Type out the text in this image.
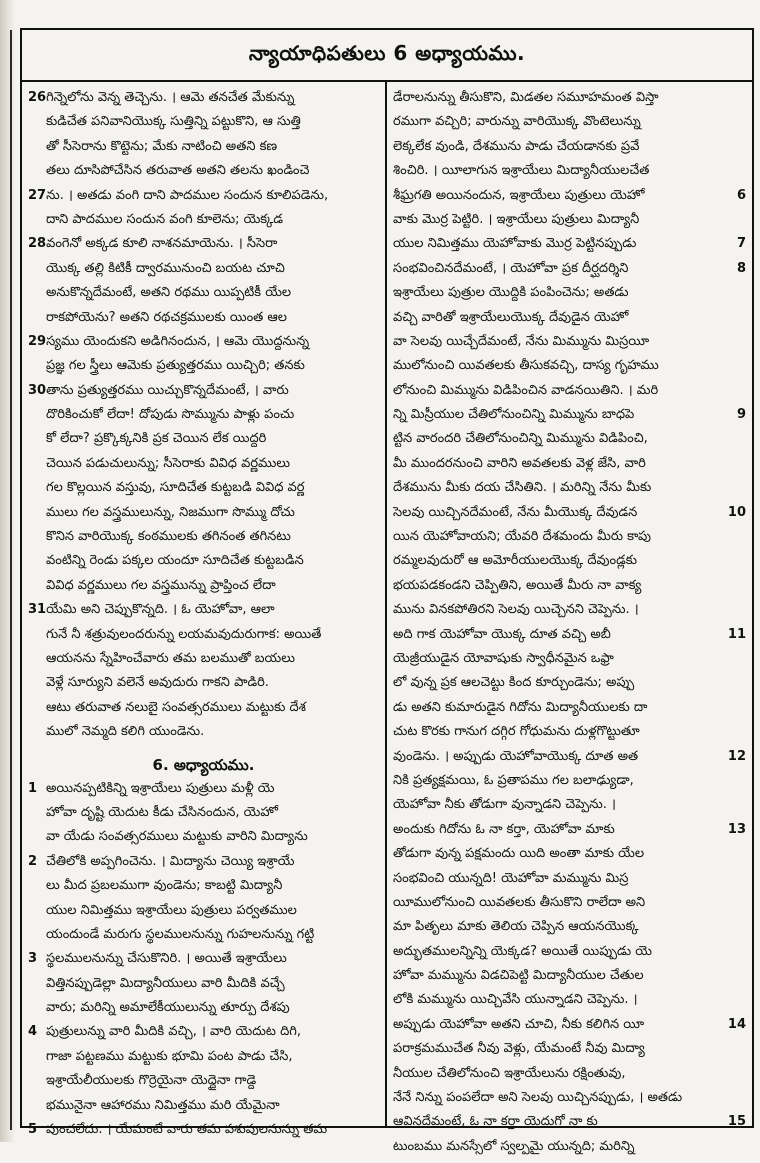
న్యాయాధిపతులు 6 అధ్యాయము.
26 గిన్నెలోను వెన్న తెచ్చెను. । ఆమె తనచేత మేకున్ను
కుడిచేత పనివానియొక్క సుత్తిన్ని పట్టుకొని, ఆ సుత్తి
తో సీసెరాను కొట్టెను; మేకు నాటించి అతని కణ
తలు దూసిపోచేసిన తరువాత అతని తలను ఖండించె
27 ను. । అతడు వంగి దాని పాదముల సందున కూలిపడెను,
దాని పాదముల సందున వంగి కూలెను; యెక్కడ
28 వంగెనో అక్కడ కూలి నాశనమాయెను. । సీసెరా
యొక్క తల్లి కిటికీ ద్వారమునుంచి బయట చూచి
అనుకొన్నదేమంటే, అతని రథము యిప్పటికీ యేల
రాకపోయెను? అతని రథచక్రములకు యింత ఆల
29 స్యము యెందుకని అడిగినందున, । ఆమె యొద్దనున్న
ప్రజ్ఞ గల స్త్రీలు ఆమెకు ప్రత్యుత్తరము యిచ్చిరి; తనకు
30 తాను ప్రత్యుత్తరము యిచ్చుకొన్నదేమంటే, । వారు
దొరికించుకో లేదా! దోపుడు సొమ్మును పాళ్లు పంచు
కో లేదా? ప్రక్కొక్కనికి ప్రక చెయిన లేక యిద్దరి
చెయిన పడుచులున్ను; సీసెరాకు వివిధ వర్ణములు
గల కొల్లయిన వస్తువు, సూదిచేత కుట్టబడి వివిధ వర్ణ
ములు గల వస్త్రములున్ను, నిజముగా సొమ్ము దోచు
కొనిన వారియొక్క కంఠములకు తగినంత తగినటు
వంటిన్ని రెండు పక్కల యందూ సూదిచేత కుట్టబడిన
వివిధ వర్ణములు గల వస్త్రమున్ను ప్రాప్తించ లేదా
31 యేమి అని చెప్పుకొన్నది. । ఓ యెహోవా, ఆలా
గునే నీ శత్రువులందరున్ను లయమవుదురుగాక: అయితే
ఆయనను స్నేహించేవారు తమ బలముతో బయలు
వెళ్లే సూర్యుని వలెనే అవుదురు గాకని పాడిరి.
ఆటు తరువాత నలుబై సంవత్సరములు మట్టుకు దేశ
ములో నెమ్మది కలిగి యుండెను.
6. అధ్యాయము.
1 అయినప్పటికిన్ని ఇశ్రాయేలు పుత్రులు మళ్లీ యె
హోవా దృష్టి యెదుట కీడు చేసినందున, యెహో
వా యేడు సంవత్సరములు మట్టుకు వారిని మిద్యాను
2 చేతిలోకి అప్పగించెను. । మిద్యాను చెయ్యి ఇశ్రాయే
లు మీద ప్రబలముగా వుండెను; కాబట్టి మిద్యానీ
యుల నిమిత్తము ఇశ్రాయేలు పుత్రులు పర్వతముల
యందుండే మరుగు స్థలములనున్ను గుహలనున్ను గట్టి
3 స్థలములనున్ను చేసుకొనిరి. । అయితే ఇశ్రాయేలు
విత్తినప్పుడెల్లా మిద్యానీయులు వారి మీదికి వచ్చే
వారు; మరిన్ని అమాలేకీయులున్ను తూర్పు దేశపు
4 పుత్రులున్ను వారి మీదికి వచ్చి, । వారి యెదుట దిగి,
గాజా పట్టణము మట్టుకు భూమి పంట పాడు చేసి,
ఇశ్రాయేలీయులకు గొర్రెయైనా యెద్దైనా గాడ్దె
భమునైనా ఆహారము నిమిత్తము మరి యేమైనా
5 వుంచలేదు. । యేమంటే వారు తమ పశువులనున్ను తమ
డేరాలనున్ను తీసుకొని, మిడతల సమూహమంత విస్తా
రముగా వచ్చిరి; వారున్ను వారియొక్క వొంటెలున్ను
లెక్కలేక వుండి, దేశమును పాడు చేయడానకు ప్రవే
శించిరి. । యీలాగున ఇశ్రాయేలు మిద్యానీయులచేత
శీఘ్రగతి అయినందున, ఇశ్రాయేలు పుత్రులు యెహో	6
వాకు మొర్ర పెట్టిరి. । ఇశ్రాయేలు పుత్రులు మిద్యానీ
యుల నిమిత్తము యెహోవాకు మొర్ర పెట్టినప్పుడు	7
సంభవించినదేమంటే, । యెహోవా ప్రక దీర్ఘదర్శిని	8
ఇశ్రాయేలు పుత్రుల యొద్దికి పంపించెను; అతడు
వచ్చి వారితో ఇశ్రాయేలుయొక్క దేవుడైన యెహో
వా సెలవు యిచ్చేదేమంటే, నేను మిమ్మును మిస్రయీ
ములోనుంచి యివతలకు తీసుకవచ్చి, దాస్య గృహము
లోనుంచి మిమ్మును విడిపించిన వాడనయితిని. । మరి
న్ని మిస్రీయుల చేతిలోనుంచిన్ని మిమ్మును బాధపె	9
ట్టిన వారందరి చేతిలోనుంచిన్ని మిమ్మును విడిపించి,
మీ ముందరనుంచి వారిని అవతలకు వెళ్ల జేసి, వారి
దేశమును మీకు దయ చేసితిని. । మరిన్ని నేను మీకు
సెలవు యిచ్చినదేమంటే, నేను మీయొక్క దేవుడన	10
యిన యెహోవాయని; యేవరి దేశమందు మీరు కాపు
రమ్మలవుదురో ఆ అమోరీయులయొక్క దేవుండ్లకు
భయపడకండని చెప్పితిని, అయితే మీరు నా వాక్య
మును వినకపోతిరని సెలవు యిచ్చెనని చెప్పెను. ।
అది గాక యెహోవా యొక్క దూత వచ్చి అబీ	11
యెజ్రీయుడైన యోవాషుకు స్వాధీనమైన ఒఫ్రా
లో వున్న ప్రక ఆలచెట్టు కింద కూర్చుండెను; అప్పు
డు అతని కుమారుడైన గిదోను మిద్యానీయులకు దా
చుట కొరకు గానుగ దగ్గిర గోధుమను దుళ్లగొట్టుతూ
వుండెను. । అప్పుడు యెహోవాయొక్క దూత అత	12
నికి ప్రత్యక్షమయి, ఓ ప్రతాపము గల బలాఢ్యుడా,
యెహోవా నీకు తోడుగా వున్నాడని చెప్పెను. ।
అందుకు గిదోను ఓ నా కర్తా, యెహోవా మాకు	13
తోడుగా వున్న పక్షమందు యిది అంతా మాకు యేల
సంభవించి యున్నది! యెహోవా మమ్మును మిస్ర
యీములోనుంచి యివతలకు తీసుకొని రాలేదా అని
మా పితృలు మాకు తెలియ చెప్పిన ఆయనయొక్క
అద్భుతములన్నిన్ని యెక్కడ? అయితే యిప్పుడు యె
హోవా మమ్మును విడచిపెట్టి మిద్యానీయుల చేతుల
లోకి మమ్మును యిచ్చివేసి యున్నాడని చెప్పెను. ।
అప్పుడు యెహోవా అతని చూచి, నీకు కలిగిన యీ	14
పరాక్రమముచేత నీవు వెళ్లు, యేమంటే నీవు మిద్యా
నీయుల చేతిలోనుంచి ఇశ్రాయేలును రక్షింతువు,
నేనే నిన్ను పంపలేదా అని సెలవు యిచ్చినప్పుడు, । అతడు
ఆవినదేమంటే, ఓ నా కర్తా యెదుగో నా కు	15
టుంబము మనస్సేలో స్వల్పమై యున్నది; మరిన్ని
